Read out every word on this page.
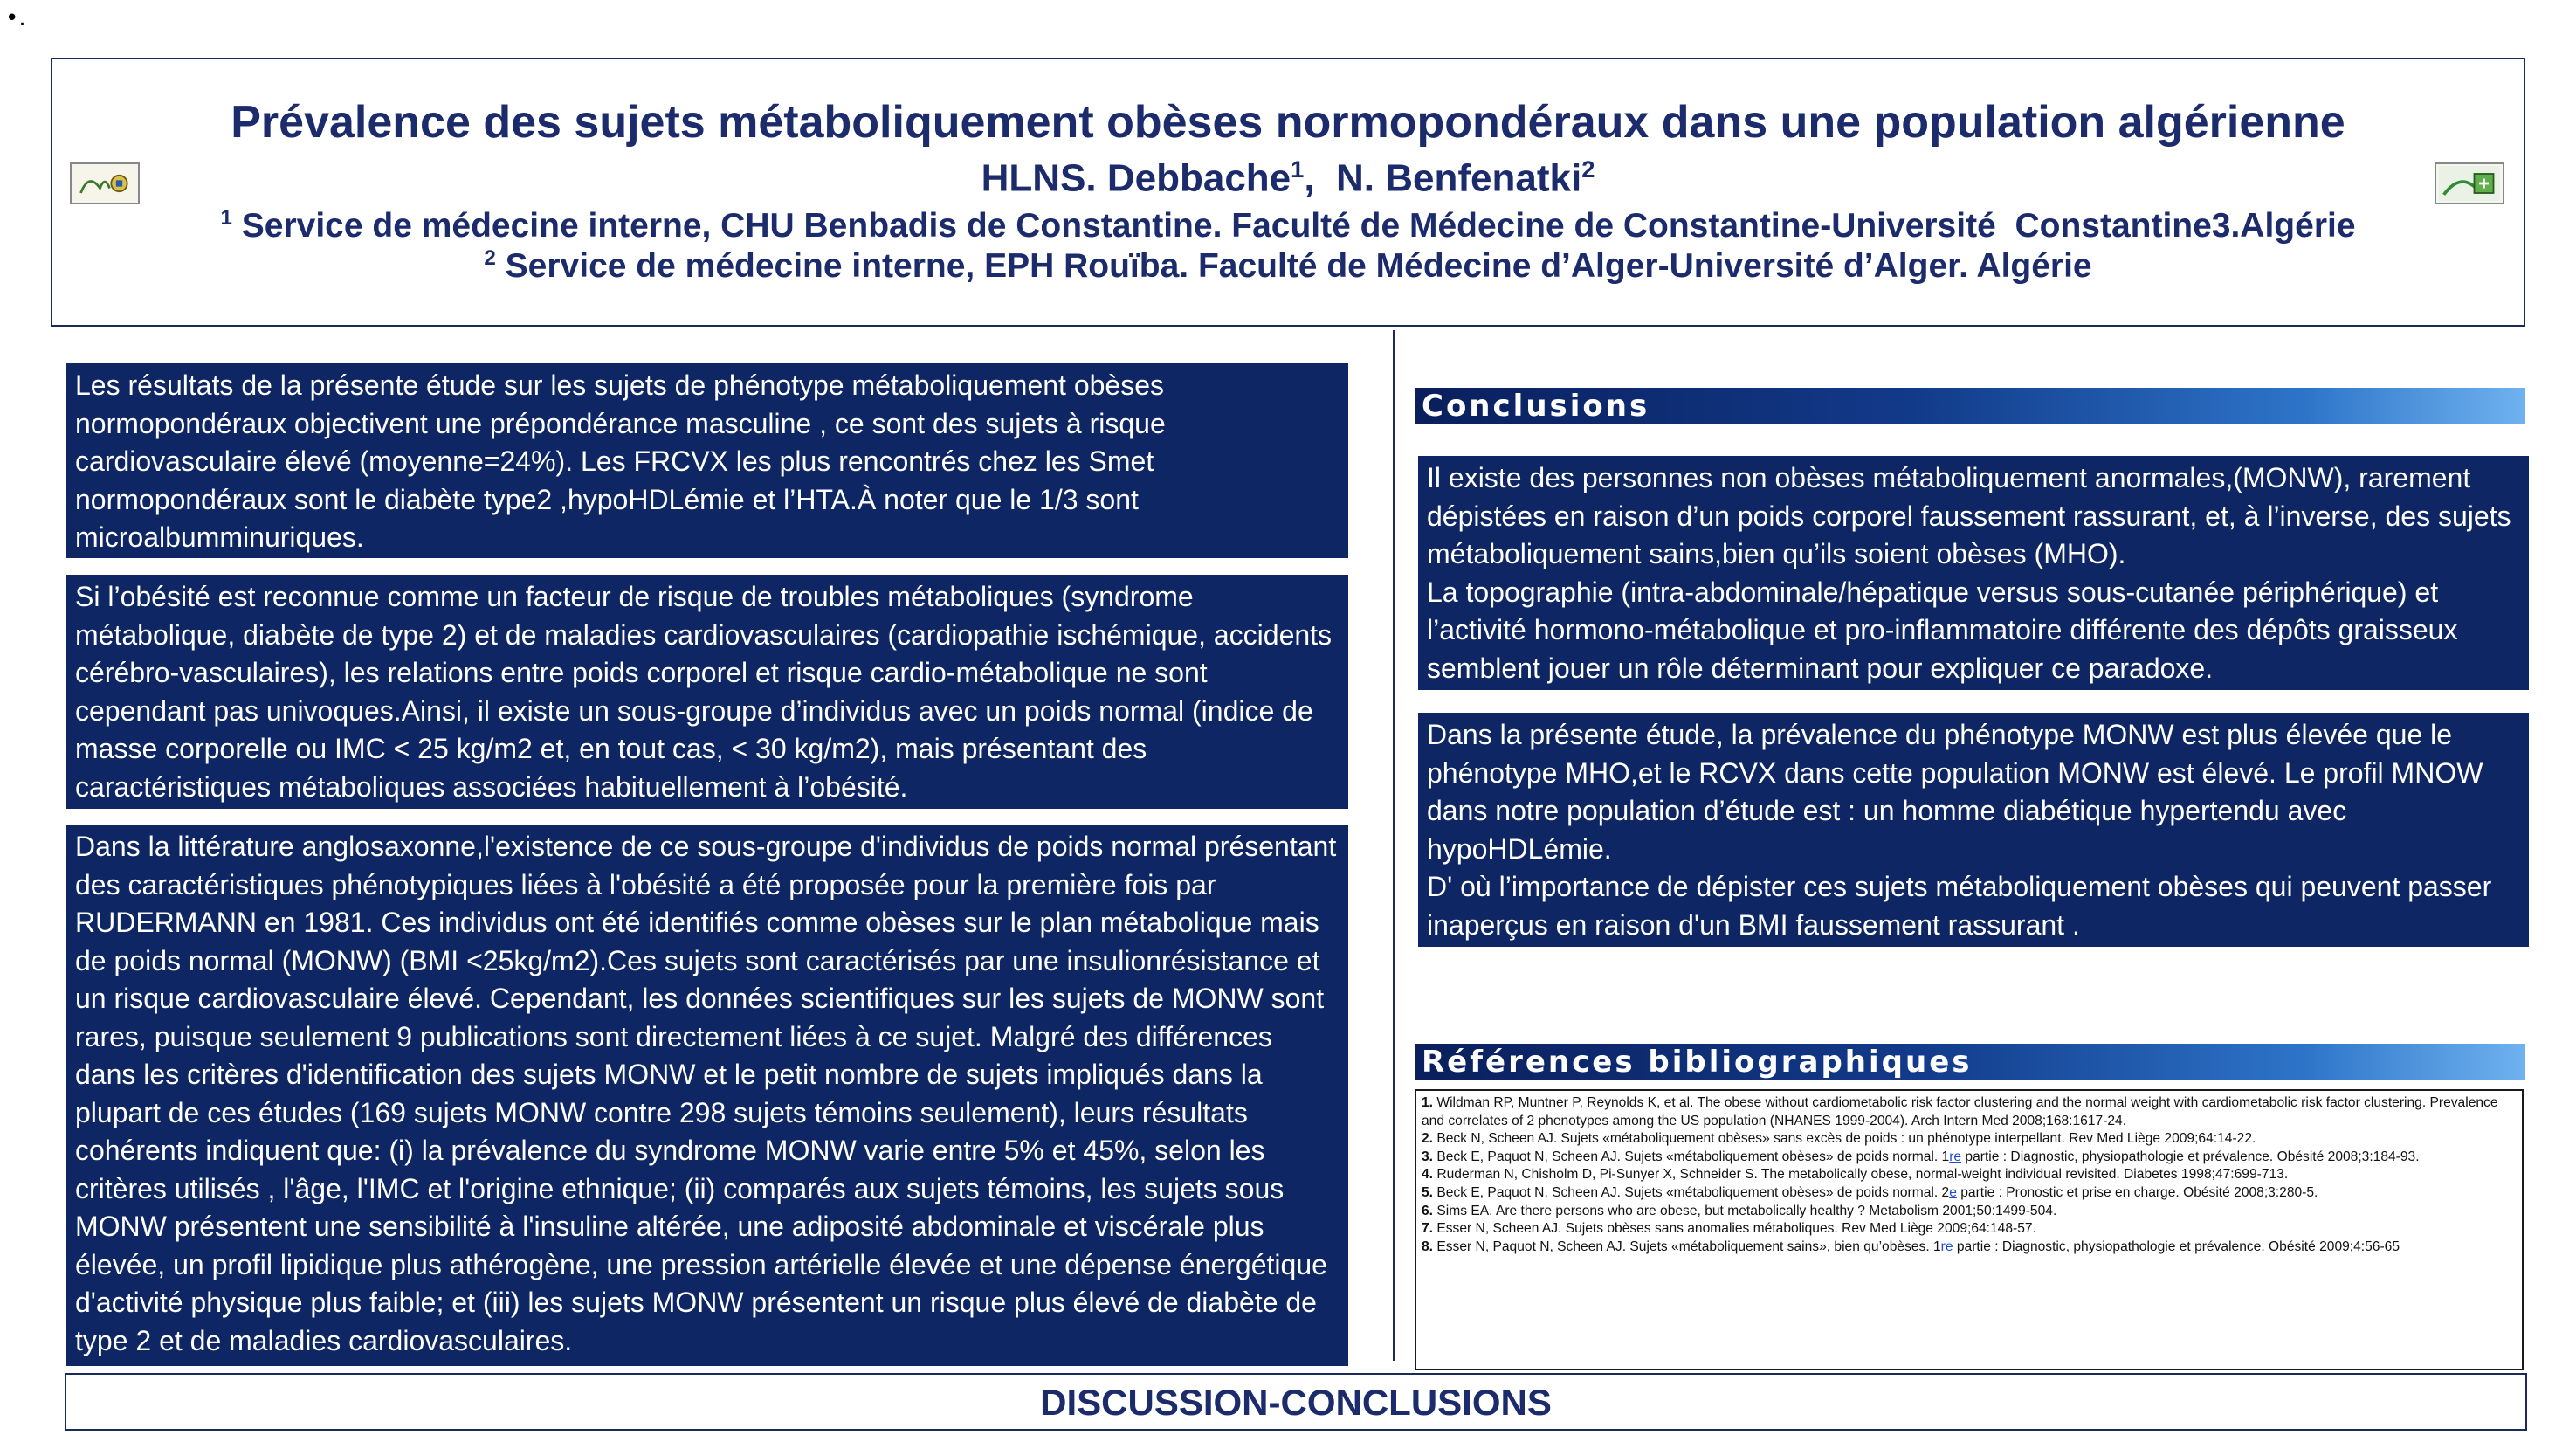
•.
Prévalence des sujets métaboliquement obèses normopondéraux dans une population algérienne
HLNS. Debbache$^1$,  N. Benfenatki$^2$
$^1$ Service de médecine interne, CHU Benbadis de Constantine. Faculté de Médecine de Constantine-Université  Constantine3.Algérie
$^2$ Service de médecine interne, EPH Rouïba. Faculté de Médecine d’Alger-Université d’Alger. Algérie
Les résultats de la présente étude sur les sujets de phénotype métaboliquement obèses normopondéraux objectivent une prépondérance masculine , ce sont des sujets à risque cardiovasculaire élevé (moyenne=24%). Les FRCVX les plus rencontrés chez les Smet normopondéraux sont le diabète type2 ,hypoHDLémie et l’HTA.À noter que le 1/3 sont microalbumminuriques.
Si l’obésité est reconnue comme un facteur de risque de troubles métaboliques (syndrome métabolique, diabète de type 2) et de maladies cardiovasculaires (cardiopathie ischémique, accidents cérébro-vasculaires), les relations entre poids corporel et risque cardio-métabolique ne sont cependant pas univoques.Ainsi, il existe un sous-groupe d’individus avec un poids normal (indice de masse corporelle ou IMC < 25 kg/m2 et, en tout cas, < 30 kg/m2), mais présentant des caractéristiques métaboliques associées habituellement à l’obésité.
Dans la littérature anglosaxonne,l'existence de ce sous-groupe d'individus de poids normal présentant des caractéristiques phénotypiques liées à l'obésité a été proposée pour la première fois par RUDERMANN en 1981. Ces individus ont été identifiés comme obèses sur le plan métabolique mais de poids normal (MONW) (BMI <25kg/m2).Ces sujets sont caractérisés par une insulionrésistance et un risque cardiovasculaire élevé. Cependant, les données scientifiques sur les sujets de MONW sont rares, puisque seulement 9 publications sont directement liées à ce sujet. Malgré des différences dans les critères d'identification des sujets MONW et le petit nombre de sujets impliqués dans la plupart de ces études (169 sujets MONW contre 298 sujets témoins seulement), leurs résultats cohérents indiquent que: (i) la prévalence du syndrome MONW varie entre 5% et 45%, selon les critères utilisés , l'âge, l'IMC et l'origine ethnique; (ii) comparés aux sujets témoins, les sujets sous MONW présentent une sensibilité à l'insuline altérée, une adiposité abdominale et viscérale plus élevée, un profil lipidique plus athérogène, une pression artérielle élevée et une dépense énergétique d'activité physique plus faible; et (iii) les sujets MONW présentent un risque plus élevé de diabète de type 2 et de maladies cardiovasculaires.
Conclusions
Il existe des personnes non obèses métaboliquement anormales,(MONW), rarement dépistées en raison d’un poids corporel faussement rassurant, et, à l’inverse, des sujets métaboliquement sains,bien qu’ils soient obèses (MHO).
La topographie (intra-abdominale/hépatique versus sous-cutanée périphérique) et l’activité hormono-métabolique et pro-inflammatoire différente des dépôts graisseux semblent jouer un rôle déterminant pour expliquer ce paradoxe.
Dans la présente étude, la prévalence du phénotype MONW est plus élevée que le phénotype MHO,et le RCVX dans cette population MONW est élevé. Le profil MNOW dans notre population d’étude est : un homme diabétique hypertendu avec hypoHDLémie.
D' où l’importance de dépister ces sujets métaboliquement obèses qui peuvent passer inaperçus en raison d'un BMI faussement rassurant .
Références bibliographiques

1. Wildman RP, Muntner P, Reynolds K, et al. The obese without cardiometabolic risk factor clustering and the normal weight with cardiometabolic risk factor clustering. Prevalence and correlates of 2 phenotypes among the US population (NHANES 1999-2004). Arch Intern Med 2008;168:1617-24.

2. Beck N, Scheen AJ. Sujets «métaboliquement obèses» sans excès de poids : un phénotype interpellant. Rev Med Liège 2009;64:14-22.

3. Beck E, Paquot N, Scheen AJ. Sujets «métaboliquement obèses» de poids normal. 1re partie : Diagnostic, physiopathologie et prévalence. Obésité 2008;3:184-93.

4. Ruderman N, Chisholm D, Pi-Sunyer X, Schneider S. The metabolically obese, normal-weight individual revisited. Diabetes 1998;47:699-713.

5. Beck E, Paquot N, Scheen AJ. Sujets «métaboliquement obèses» de poids normal. 2e partie : Pronostic et prise en charge. Obésité 2008;3:280-5.

6. Sims EA. Are there persons who are obese, but metabolically healthy ? Metabolism 2001;50:1499-504.

7. Esser N, Scheen AJ. Sujets obèses sans anomalies métaboliques. Rev Med Liège 2009;64:148-57.

8. Esser N, Paquot N, Scheen AJ. Sujets «métaboliquement sains», bien qu’obèses. 1re partie : Diagnostic, physiopathologie et prévalence. Obésité 2009;4:56-65

DISCUSSION-CONCLUSIONS
